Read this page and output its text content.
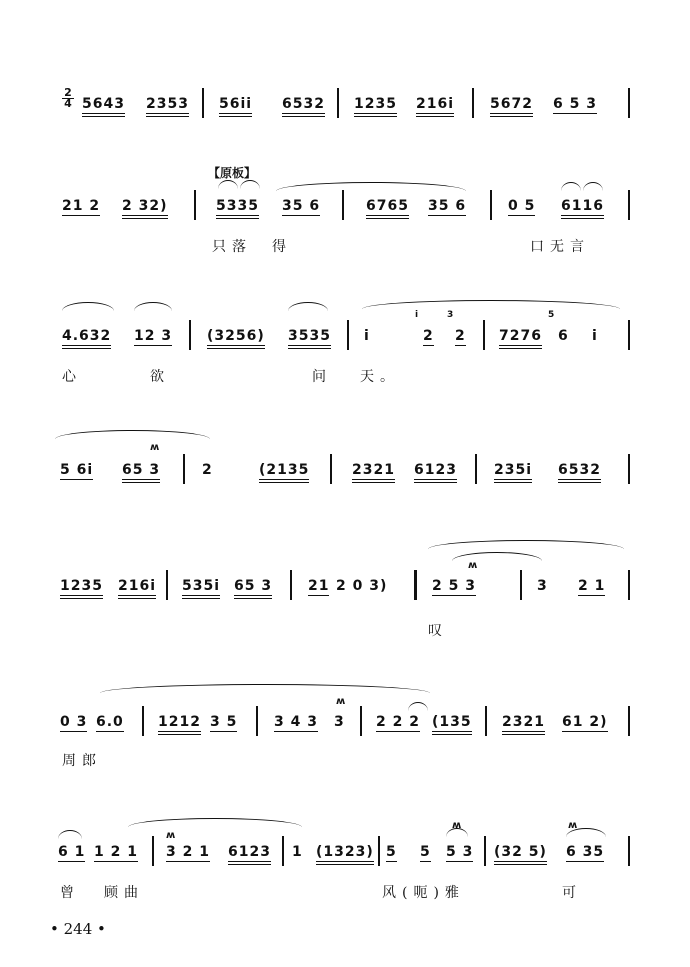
2
4 5643 2353 56ii 6532 1235 216i	5672 6 5 3
【原板】
21 2 2 32)	5335 35 6	6765 35 6	0 5 6116
只落 得	口无言
i	3	5
4.632 12 3 (3256) 3535 i	2 2 7276 6 i
心	欲	问 天。
ʍ
5 6i 65 3	2	(2135	2321 6123	235i 6532
ʍ
1235 216i 535i 65 3	21 2 0 3)	2 5 3	3 2 1
叹
ʍ
0 3 6.0 1212 3 5	3 4 3 3 2 2 2 (135 2321 61 2)
周郎
ʍ
ʍ	ʍ
6 1 1 2 1 3 2 1 6123 1 (1323) 5 5 5 3 (32 5) 6 35
曾 顾曲	风(呃)雅	可
• 244 •
